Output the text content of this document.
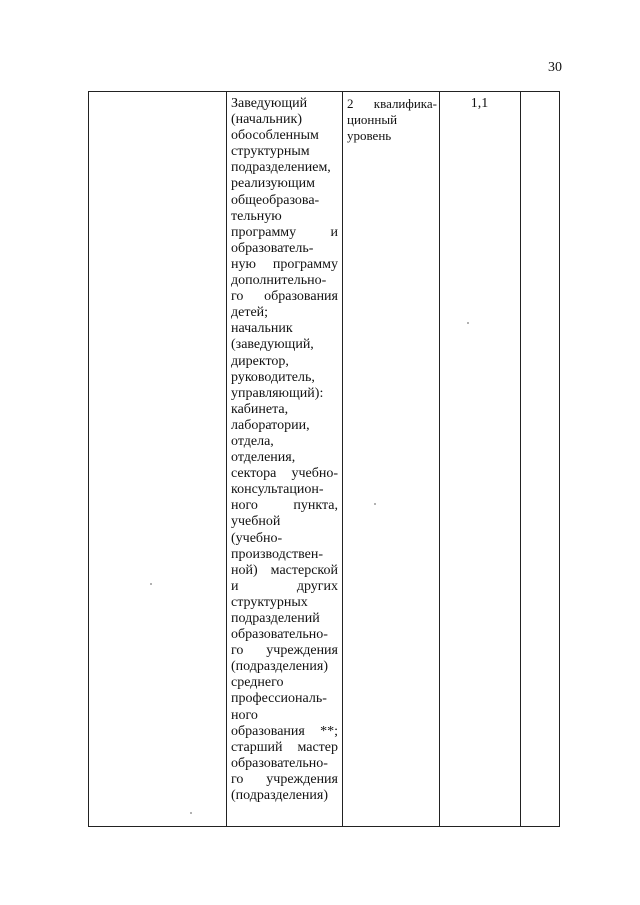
30
Заведующий
(начальник)
обособленным
структурным
подразделением,
реализующим
общеобразова-
тельную
программу и
образователь-
ную программу
дополнительно-
го образования
детей;
начальник
(заведующий,
директор,
руководитель,
управляющий):
кабинета,
лаборатории,
отдела,
отделения,
сектора учебно-
консультацион-
ного пункта,
учебной
(учебно-
производствен-
ной) мастерской
и других
структурных
подразделений
образовательно-
го учреждения
(подразделения)
среднего
профессиональ-
ного
образования **;
старший мастер
образовательно-
го учреждения
(подразделения)
2 квалифика-
ционный
уровень
1,1
